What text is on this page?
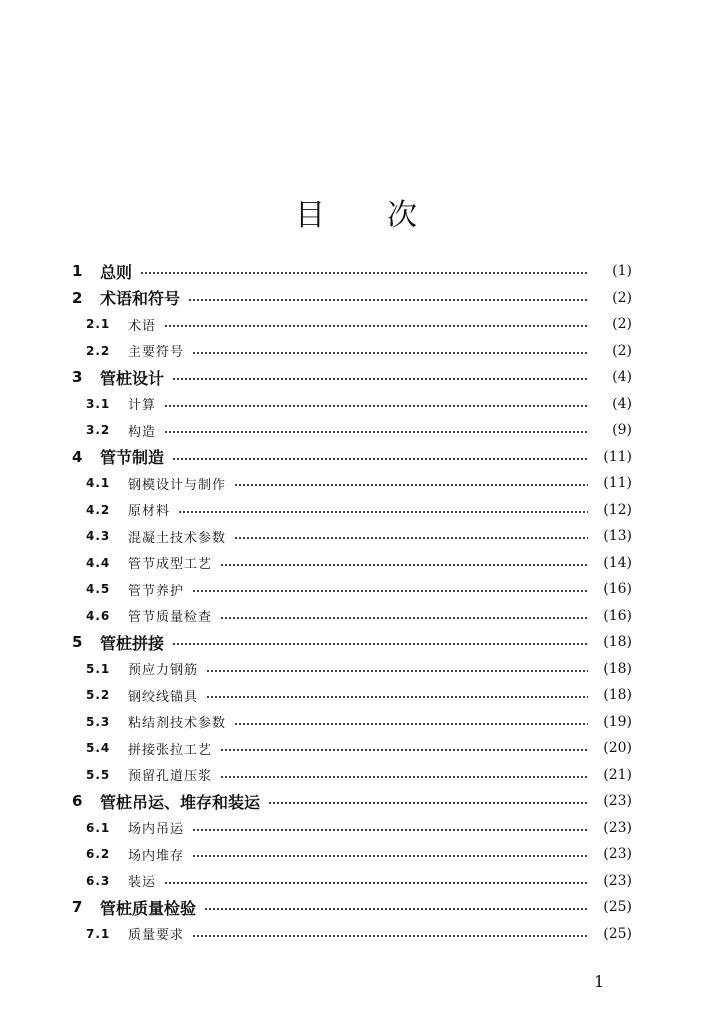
目 次
1	总则	(1)
2	术语和符号	(2)
2.1	术语	(2)
2.2	主要符号	(2)
3	管桩设计	(4)
3.1	计算	(4)
3.2	构造	(9)
4	管节制造	(11)
4.1	钢模设计与制作	(11)
4.2	原材料	(12)
4.3	混凝土技术参数	(13)
4.4	管节成型工艺	(14)
4.5	管节养护	(16)
4.6	管节质量检查	(16)
5	管桩拼接	(18)
5.1	预应力钢筋	(18)
5.2	钢绞线锚具	(18)
5.3	粘结剂技术参数	(19)
5.4	拼接张拉工艺	(20)
5.5	预留孔道压浆	(21)
6	管桩吊运、堆存和装运	(23)
6.1	场内吊运	(23)
6.2	场内堆存	(23)
6.3	装运	(23)
7	管桩质量检验	(25)
7.1	质量要求	(25)
1
